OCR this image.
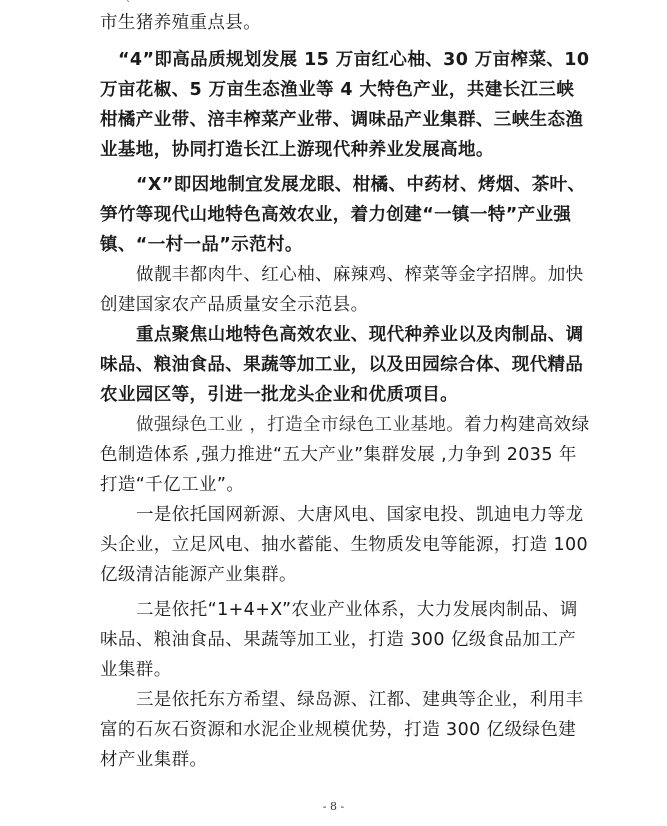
`

市生猪养殖重点县。

“4”即高品质规划发展 15 万亩红心柚、30 万亩榨菜、10 万亩花椒、5 万亩生态渔业等 4 大特色产业，共建长江三峡柑橘产业带、涪丰榨菜产业带、调味品产业集群、三峡生态渔业基地，协同打造长江上游现代种养业发展高地。

“X”即因地制宜发展龙眼、柑橘、中药材、烤烟、茶叶、笋竹等现代山地特色高效农业，着力创建“一镇一特”产业强镇、“一村一品”示范村。

做靓丰都肉牛、红心柚、麻辣鸡、榨菜等金字招牌。加快创建国家农产品质量安全示范县。

重点聚焦山地特色高效农业、现代种养业以及肉制品、调味品、粮油食品、果蔬等加工业，以及田园综合体、现代精品农业园区等，引进一批龙头企业和优质项目。

做强绿色工业 ，打造全市绿色工业基地。着力构建高效绿色制造体系 ,强力推进“五大产业”集群发展 ,力争到 2035 年打造“千亿工业”。

一是依托国网新源、大唐风电、国家电投、凯迪电力等龙头企业，立足风电、抽水蓄能、生物质发电等能源，打造 100 亿级清洁能源产业集群。

二是依托“1+4+X”农业产业体系，大力发展肉制品、调味品、粮油食品、果蔬等加工业，打造 300 亿级食品加工产业集群。

三是依托东方希望、绿岛源、江都、建典等企业，利用丰富的石灰石资源和水泥企业规模优势，打造 300 亿级绿色建材产业集群。

- 8 -
